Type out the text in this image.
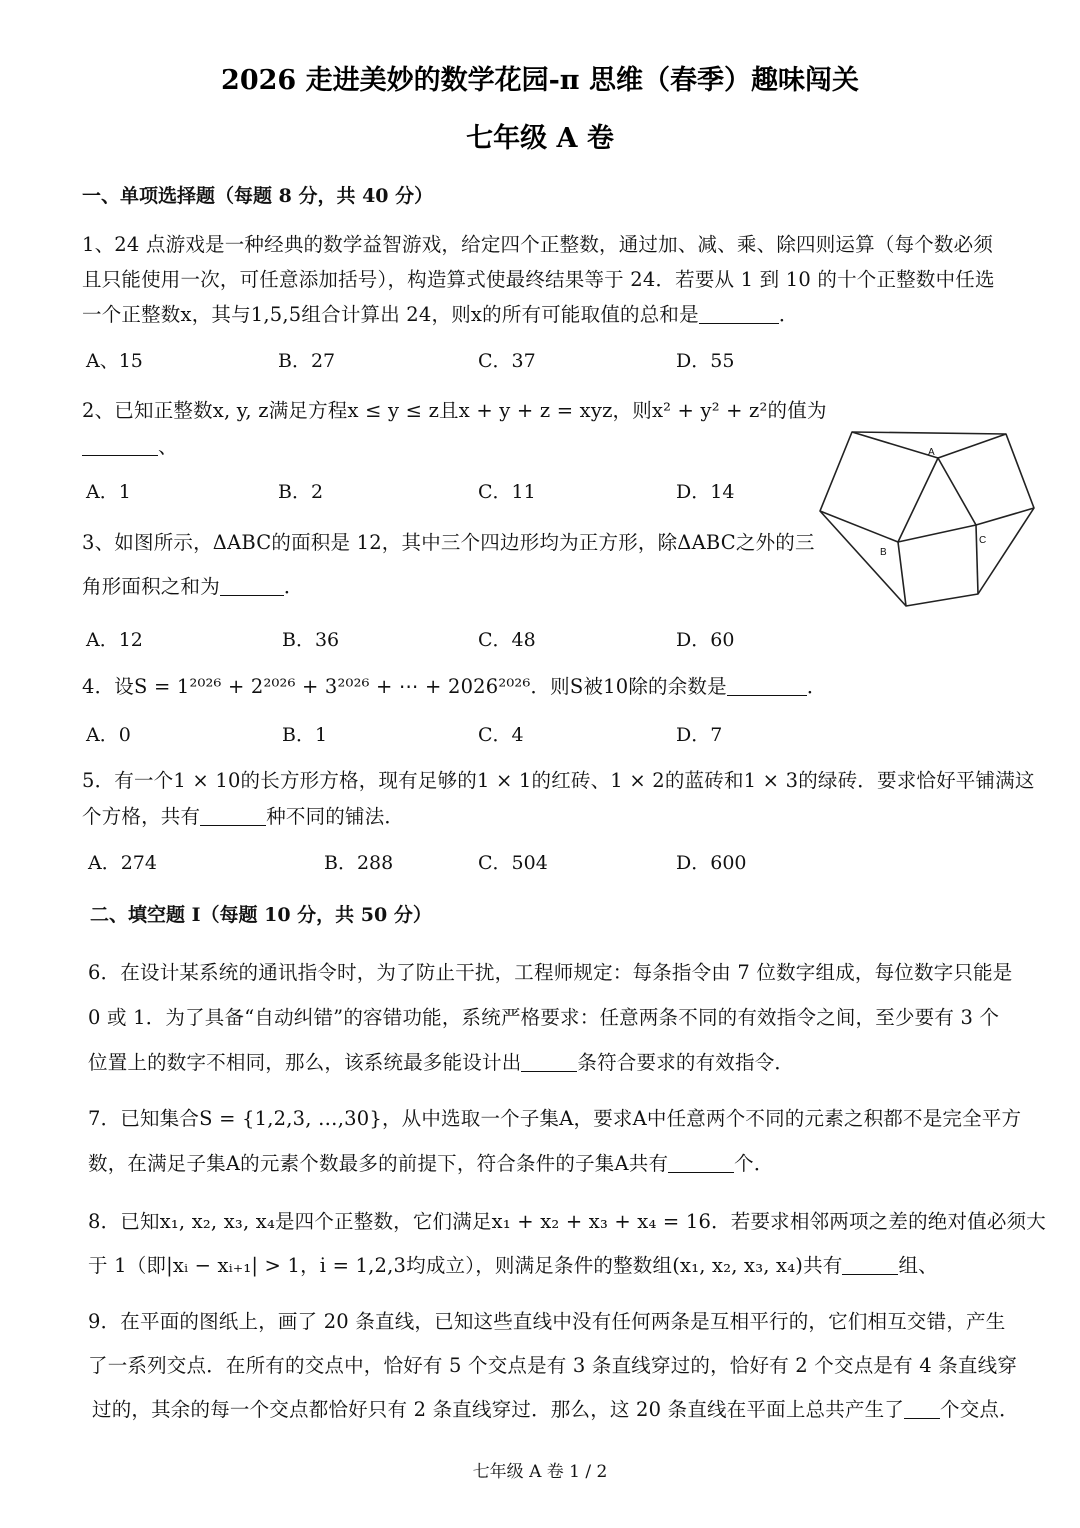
2026 走进美妙的数学花园-π 思维（春季）趣味闯关
七年级 A 卷
一、单项选择题（每题 8 分，共 40 分）
1、24 点游戏是一种经典的数学益智游戏，给定四个正整数，通过加、减、乘、除四则运算（每个数必须
且只能使用一次，可任意添加括号），构造算式使最终结果等于 24．若要从 1 到 10 的十个正整数中任选
一个正整数x，其与1,5,5组合计算出 24，则x的所有可能取值的总和是	．
A、15	B．27	C．37	D．55
2、已知正整数x, y, z满足方程x ≤ y ≤ z且x + y + z = xyz，则x² + y² + z²的值为
、
A．1	B．2	C．11	D．14
A
B
C
3、如图所示，ΔABC的面积是 12，其中三个四边形均为正方形，除ΔABC之外的三
角形面积之和为	．
A．12	B．36	C．48	D．60
4．设S = 1²⁰²⁶ + 2²⁰²⁶ + 3²⁰²⁶ + ⋯ + 2026²⁰²⁶．则S被10除的余数是	．
A．0	B．1	C．4	D．7
5．有一个1 × 10的长方形方格，现有足够的1 × 1的红砖、1 × 2的蓝砖和1 × 3的绿砖．要求恰好平铺满这
个方格，共有	种不同的铺法．
A．274	B．288	C．504	D．600
二、填空题 I（每题 10 分，共 50 分）
6．在设计某系统的通讯指令时，为了防止干扰，工程师规定：每条指令由 7 位数字组成，每位数字只能是
0 或 1．为了具备“自动纠错”的容错功能，系统严格要求：任意两条不同的有效指令之间，至少要有 3 个
位置上的数字不相同，那么，该系统最多能设计出	条符合要求的有效指令．
7．已知集合S = {1,2,3, …,30}，从中选取一个子集A，要求A中任意两个不同的元素之积都不是完全平方
数，在满足子集A的元素个数最多的前提下，符合条件的子集A共有	个．
8．已知x₁, x₂, x₃, x₄是四个正整数，它们满足x₁ + x₂ + x₃ + x₄ = 16．若要求相邻两项之差的绝对值必须大
于 1（即|xᵢ − xᵢ₊₁| > 1，i = 1,2,3均成立），则满足条件的整数组(x₁, x₂, x₃, x₄)共有	组、
9．在平面的图纸上，画了 20 条直线，已知这些直线中没有任何两条是互相平行的，它们相互交错，产生
了一系列交点．在所有的交点中，恰好有 5 个交点是有 3 条直线穿过的，恰好有 2 个交点是有 4 条直线穿
过的，其余的每一个交点都恰好只有 2 条直线穿过．那么，这 20 条直线在平面上总共产生了 个交点．
七年级 A 卷 1 / 2
